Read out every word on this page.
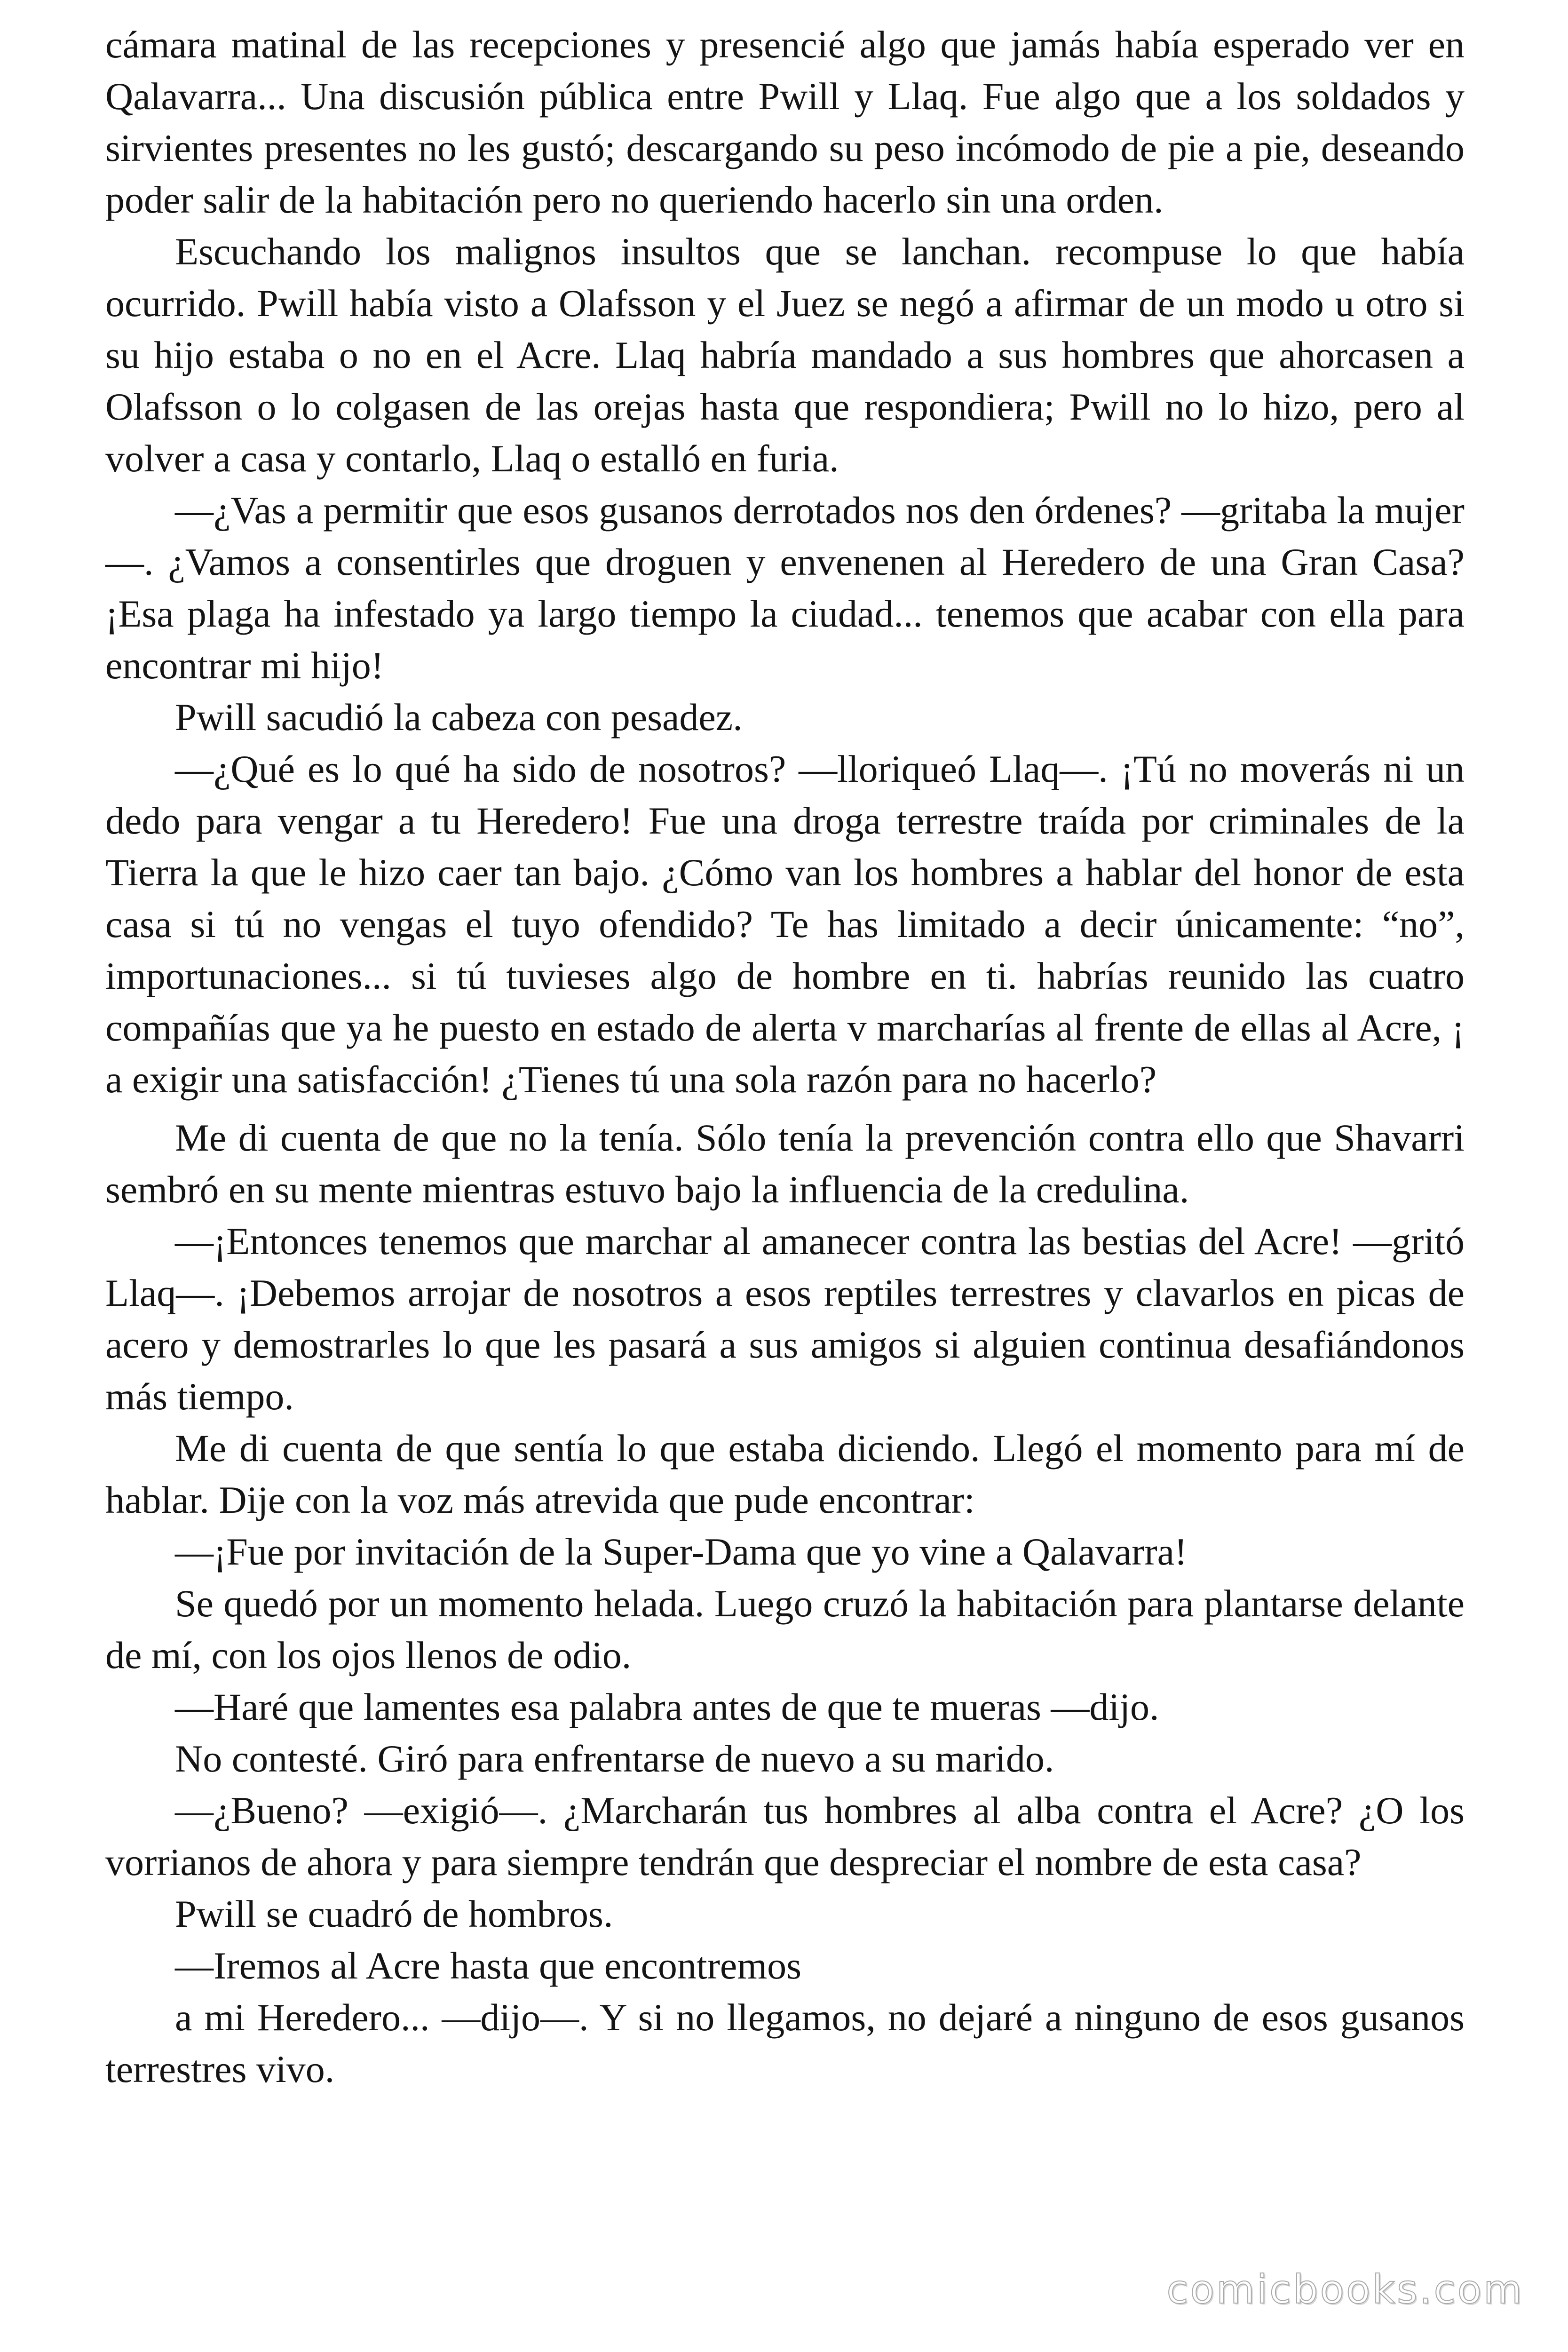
cámara matinal de las recepciones y presencié algo que jamás había esperado ver en Qalavarra... Una discusión pública entre Pwill y Llaq. Fue algo que a los soldados y sirvientes presentes no les gustó; descargando su peso incómodo de pie a pie, deseando poder salir de la habitación pero no queriendo hacerlo sin una orden.

Escuchando los malignos insultos que se lanchan. recompuse lo que había ocurrido. Pwill había visto a Olafsson y el Juez se negó a afirmar de un modo u otro si su hijo estaba o no en el Acre. Llaq habría mandado a sus hombres que ahorcasen a Olafsson o lo colgasen de las orejas hasta que respondiera; Pwill no lo hizo, pero al volver a casa y contarlo, Llaq o estalló en furia.

—¿Vas a permitir que esos gusanos derrotados nos den órdenes? —gritaba la mujer—. ¿Vamos a consentirles que droguen y envenenen al Heredero de una Gran Casa? ¡Esa plaga ha infestado ya largo tiempo la ciudad... tenemos que acabar con ella para encontrar mi hijo!

Pwill sacudió la cabeza con pesadez.

—¿Qué es lo qué ha sido de nosotros? —lloriqueó Llaq—. ¡Tú no moverás ni un dedo para vengar a tu Heredero! Fue una droga terrestre traída por criminales de la Tierra la que le hizo caer tan bajo. ¿Cómo van los hombres a hablar del honor de esta casa si tú no vengas el tuyo ofendido? Te has limitado a decir únicamente: “no”, importunaciones... si tú tuvieses algo de hombre en ti. habrías reunido las cuatro compañías que ya he puesto en estado de alerta v marcharías al frente de ellas al Acre, ¡ a exigir una satisfacción! ¿Tienes tú una sola razón para no hacerlo?

Me di cuenta de que no la tenía. Sólo tenía la prevención contra ello que Shavarri sembró en su mente mientras estuvo bajo la influencia de la credulina.

—¡Entonces tenemos que marchar al amanecer contra las bestias del Acre! —gritó Llaq—. ¡Debemos arrojar de nosotros a esos reptiles terrestres y clavarlos en picas de acero y demostrarles lo que les pasará a sus amigos si alguien continua desafiándonos más tiempo.

Me di cuenta de que sentía lo que estaba diciendo. Llegó el momento para mí de hablar. Dije con la voz más atrevida que pude encontrar:

—¡Fue por invitación de la Super-Dama que yo vine a Qalavarra!

Se quedó por un momento helada. Luego cruzó la habitación para plantarse delante de mí, con los ojos llenos de odio.

—Haré que lamentes esa palabra antes de que te mueras —dijo.

No contesté. Giró para enfrentarse de nuevo a su marido.

—¿Bueno? —exigió—. ¿Marcharán tus hombres al alba contra el Acre? ¿O los vorrianos de ahora y para siempre tendrán que despreciar el nombre de esta casa?

Pwill se cuadró de hombros.

—Iremos al Acre hasta que encontremos

a mi Heredero... —dijo—. Y si no llegamos, no dejaré a ninguno de esos gusanos terrestres vivo.

comicbooks.com
